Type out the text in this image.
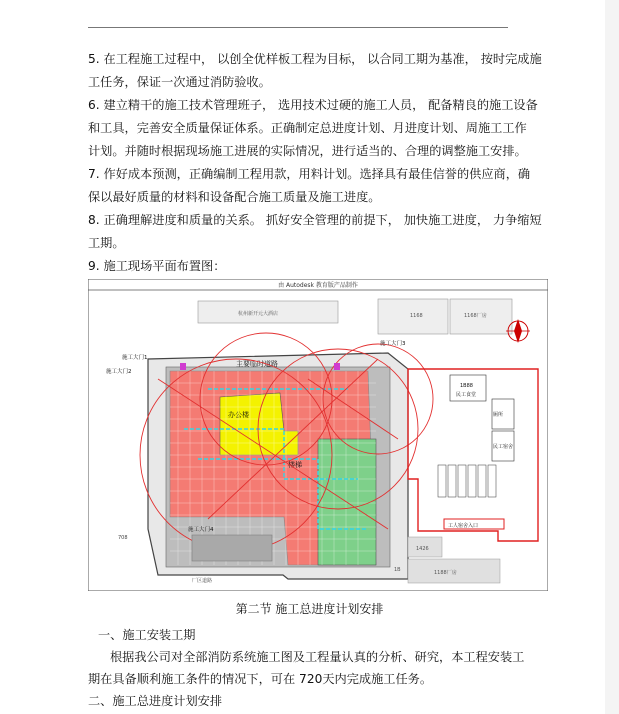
5. 在工程施工过程中， 以创全优样板工程为目标， 以合同工期为基准， 按时完成施
工任务，保证一次通过消防验收。
6. 建立精干的施工技术管理班子， 选用技术过硬的施工人员， 配备精良的施工设备
和工具，完善安全质量保证体系。正确制定总进度计划、月进度计划、周施工工作
计划。并随时根据现场施工进展的实际情况，进行适当的、合理的调整施工安排。
7. 作好成本预测，正确编制工程用款，用料计划。选择具有最佳信誉的供应商，确
保以最好质量的材料和设备配合施工质量及施工进度。
8. 正确理解进度和质量的关系。 抓好安全管理的前提下， 加快施工进度， 力争缩短
工期。
9. 施工现场平面布置图：
由 Autodesk 教育版产品制作
杭州新开元大酒店	1168	1168厂房
办公楼
主要临时道路
楼梯
施工大门1
施工大门3
施工大门4
施工大门2
厂区道路
708
1B88
民工食堂
厕所
民工宿舍
工人宿舍入口
1426
1188厂房
1B
第二节 施工总进度计划安排
一、施工安装工期
根据我公司对全部消防系统施工图及工程量认真的分析、研究，本工程安装工
期在具备顺利施工条件的情况下，可在 720天内完成施工任务。
二、施工总进度计划安排
